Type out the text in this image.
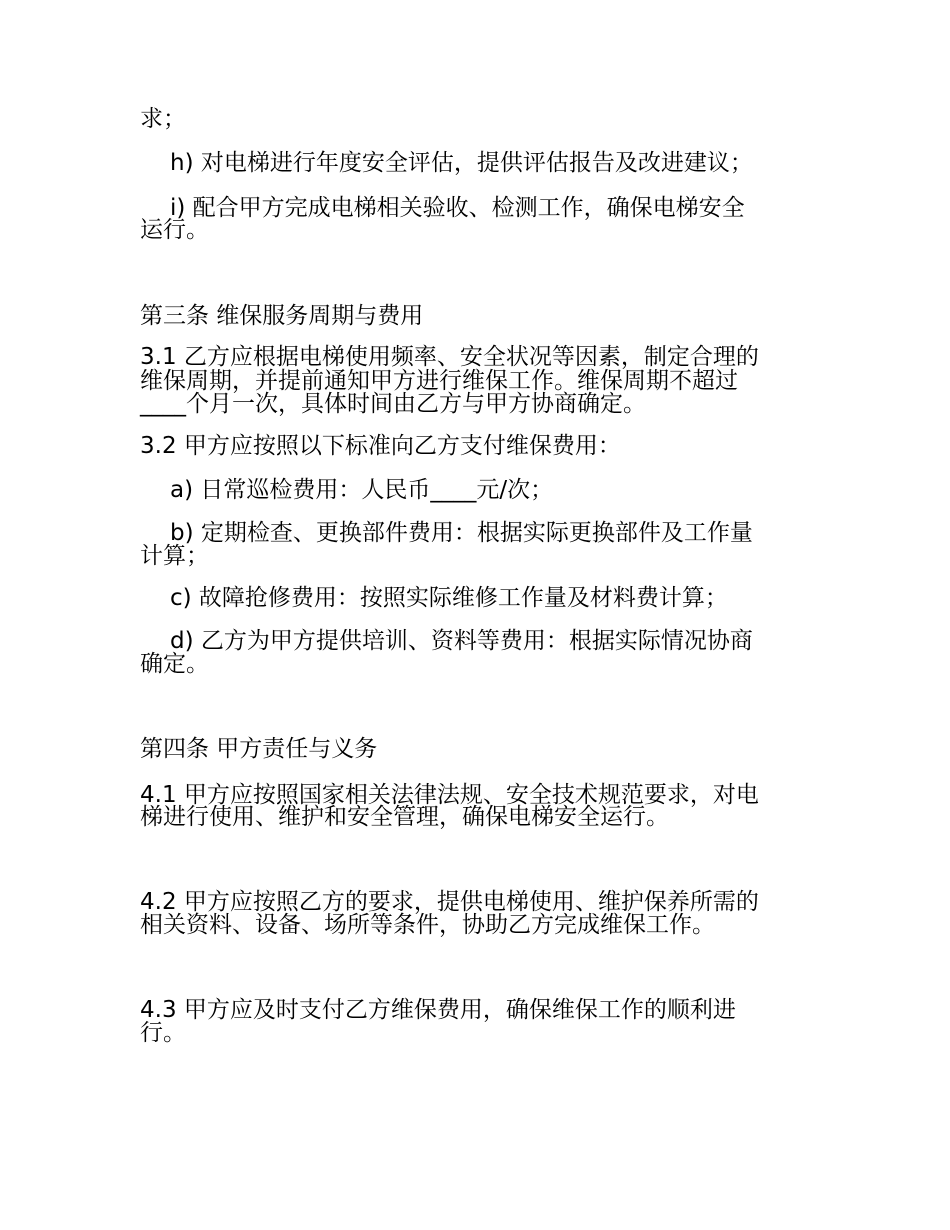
求；
h) 对电梯进行年度安全评估，提供评估报告及改进建议；
i) 配合甲方完成电梯相关验收、检测工作，确保电梯安全
运行。
第三条 维保服务周期与费用
3.1 乙方应根据电梯使用频率、安全状况等因素，制定合理的
维保周期，并提前通知甲方进行维保工作。维保周期不超过
____个月一次，具体时间由乙方与甲方协商确定。
3.2 甲方应按照以下标准向乙方支付维保费用：
a) 日常巡检费用：人民币____元/次；
b) 定期检查、更换部件费用：根据实际更换部件及工作量
计算；
c) 故障抢修费用：按照实际维修工作量及材料费计算；
d) 乙方为甲方提供培训、资料等费用：根据实际情况协商
确定。
第四条 甲方责任与义务
4.1 甲方应按照国家相关法律法规、安全技术规范要求，对电
梯进行使用、维护和安全管理，确保电梯安全运行。
4.2 甲方应按照乙方的要求，提供电梯使用、维护保养所需的
相关资料、设备、场所等条件，协助乙方完成维保工作。
4.3 甲方应及时支付乙方维保费用，确保维保工作的顺利进
行。
